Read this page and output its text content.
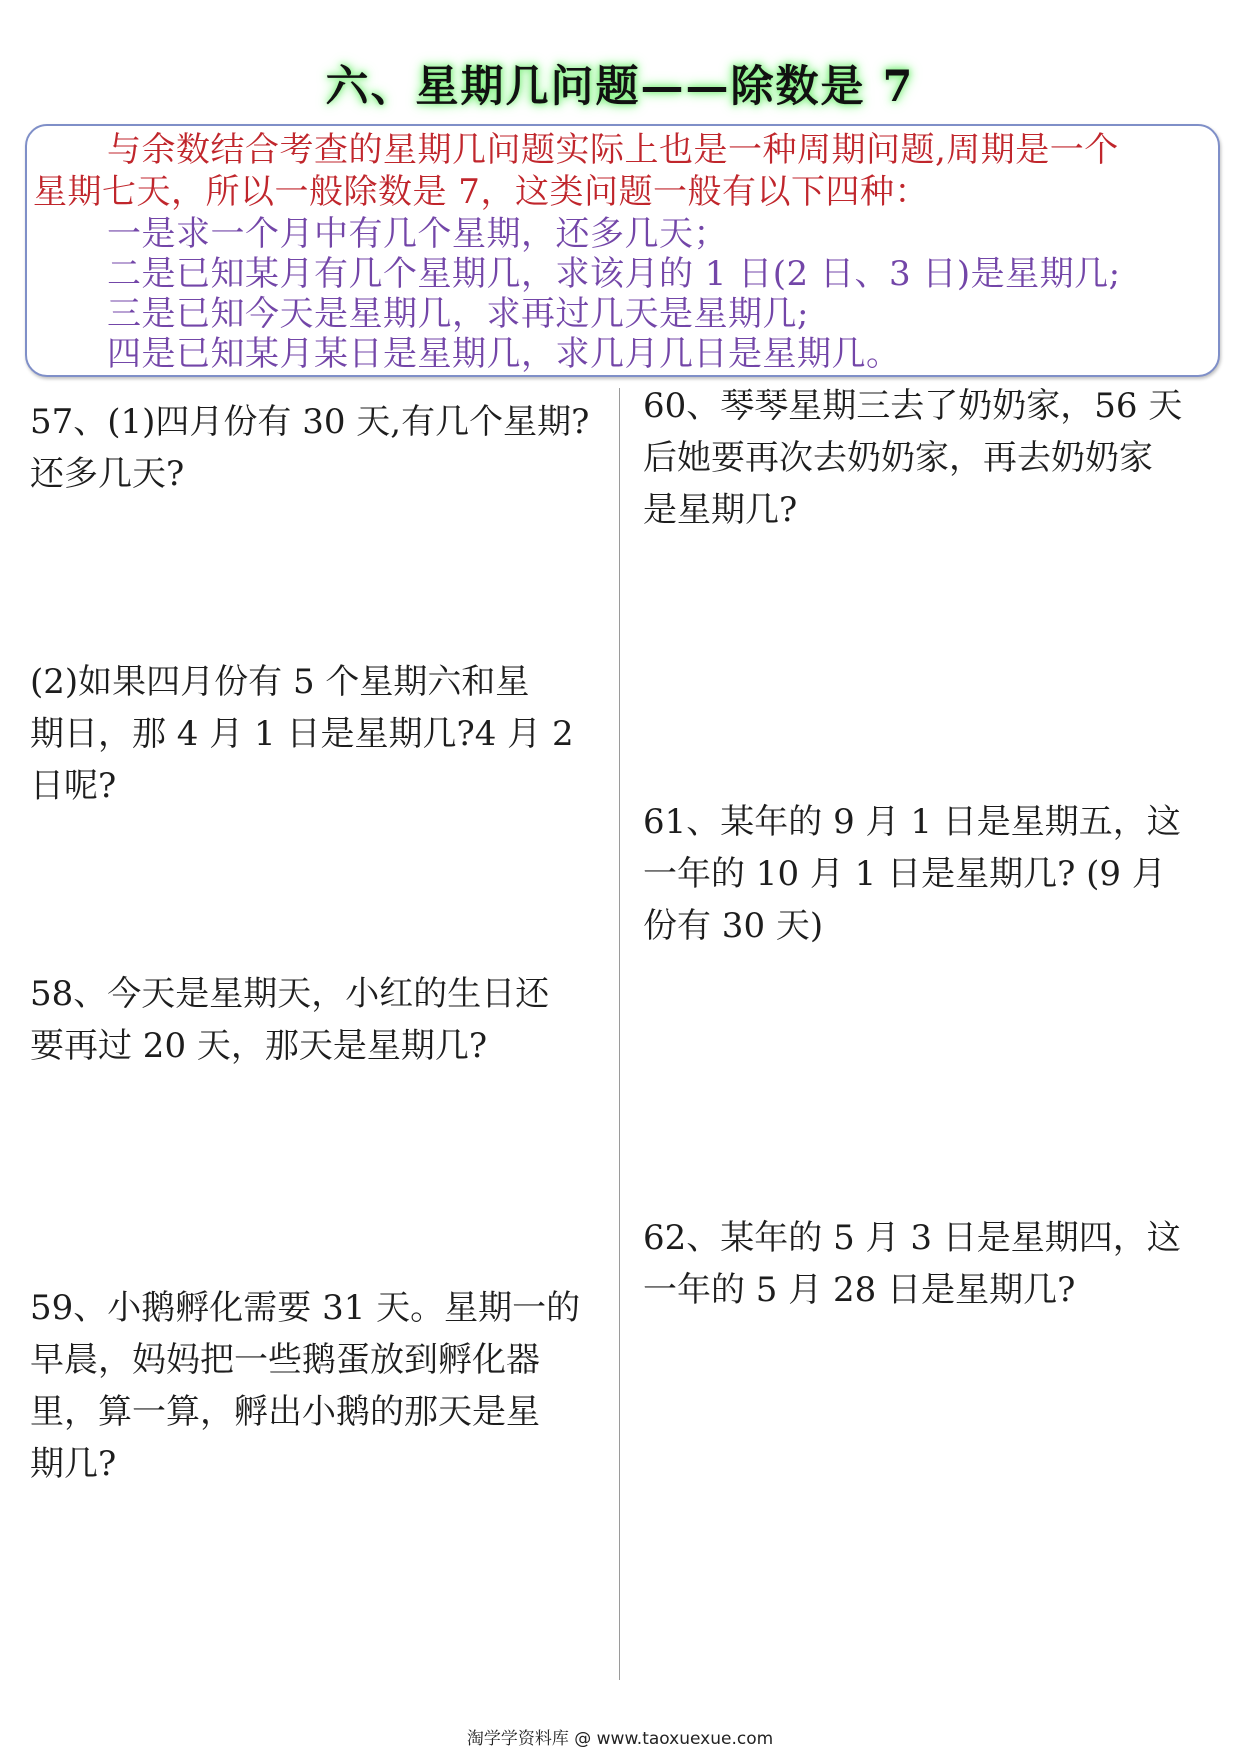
六、星期几问题——除数是 7
与余数结合考查的星期几问题实际上也是一种周期问题,周期是一个
星期七天，所以一般除数是 7，这类问题一般有以下四种：
一是求一个月中有几个星期，还多几天；
二是已知某月有几个星期几，求该月的 1 日(2 日、3 日)是星期几;
三是已知今天是星期几，求再过几天是星期几;
四是已知某月某日是星期几，求几月几日是星期几。
57、(1)四月份有 30 天,有几个星期?
还多几天?
(2)如果四月份有 5 个星期六和星
期日，那 4 月 1 日是星期几?4 月 2
日呢?
58、今天是星期天，小红的生日还
要再过 20 天，那天是星期几?
59、小鹅孵化需要 31 天。星期一的
早晨，妈妈把一些鹅蛋放到孵化器
里，算一算，孵出小鹅的那天是星
期几?
60、琴琴星期三去了奶奶家，56 天
后她要再次去奶奶家，再去奶奶家
是星期几?
61、某年的 9 月 1 日是星期五，这
一年的 10 月 1 日是星期几? (9 月
份有 30 天)
62、某年的 5 月 3 日是星期四，这
一年的 5 月 28 日是星期几?
淘学学资料库 @ www.taoxuexue.com
